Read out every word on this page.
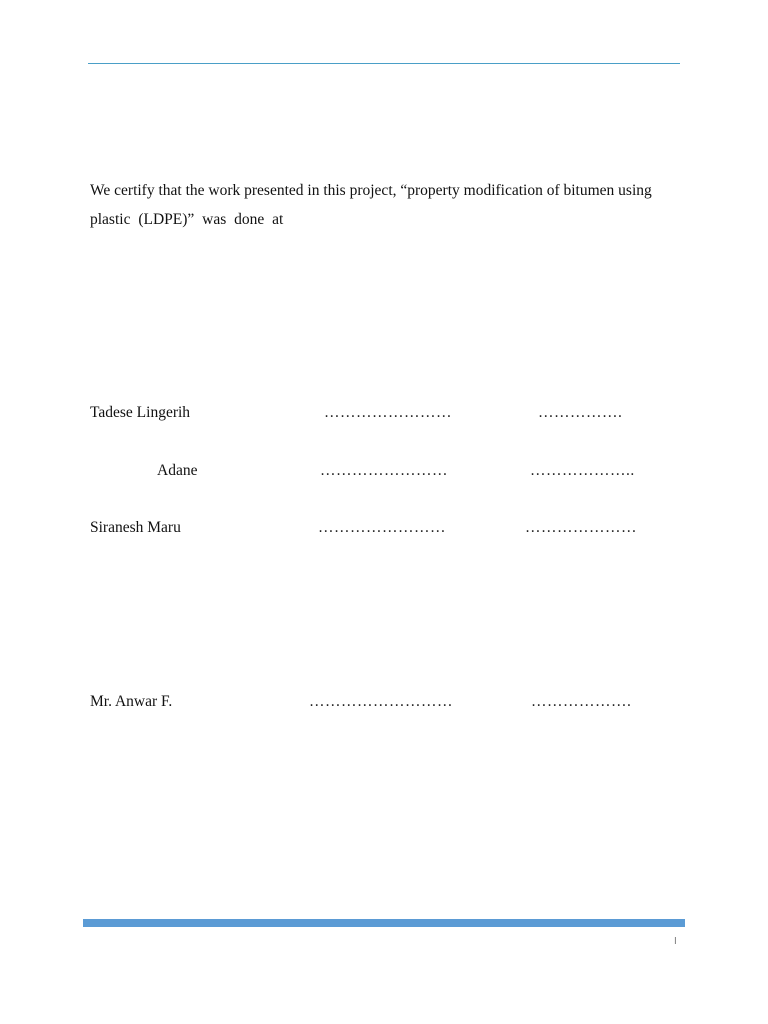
We certify that the work presented in this project, “property modification of bitumen using

plastic (LDPE)” was done at

Tadese Lingerih	……………………	…………….
Adane	……………………	………………..
Siranesh Maru	……………………	…………………
Mr. Anwar F.	………………………	……………….
I
